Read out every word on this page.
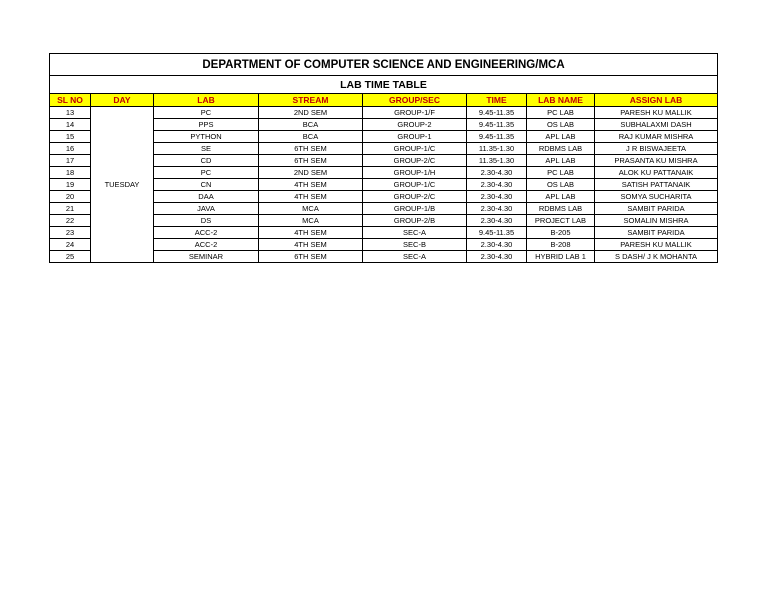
DEPARTMENT OF COMPUTER SCIENCE AND ENGINEERING/MCA							
LAB TIME TABLE							
SL NO	DAY	LAB	STREAM	GROUP/SEC	TIME	LAB NAME	ASSIGN LAB
13	TUESDAY	PC	2ND SEM	GROUP-1/F	9.45-11.35	PC LAB	PARESH KU MALLIK
14		PPS	BCA	GROUP-2	9.45-11.35	OS LAB	SUBHALAXMI DASH
15		PYTHON	BCA	GROUP-1	9.45-11.35	APL LAB	RAJ KUMAR MISHRA
16		SE	6TH SEM	GROUP-1/C	11.35-1.30	RDBMS LAB	J R BISWAJEETA
17		CD	6TH SEM	GROUP-2/C	11.35-1.30	APL LAB	PRASANTA KU MISHRA
18		PC	2ND SEM	GROUP-1/H	2.30-4.30	PC LAB	ALOK KU PATTANAIK
19		CN	4TH SEM	GROUP-1/C	2.30-4.30	OS LAB	SATISH PATTANAIK
20		DAA	4TH SEM	GROUP-2/C	2.30-4.30	APL LAB	SOMYA SUCHARITA
21		JAVA	MCA	GROUP-1/B	2.30-4.30	RDBMS LAB	SAMBIT PARIDA
22		DS	MCA	GROUP-2/B	2.30-4.30	PROJECT LAB	SOMALIN MISHRA
23		ACC-2	4TH SEM	SEC-A	9.45-11.35	B-205	SAMBIT PARIDA
24		ACC-2	4TH SEM	SEC-B	2.30-4.30	B-208	PARESH KU MALLIK
25		SEMINAR	6TH SEM	SEC-A	2.30-4.30	HYBRID LAB 1	S DASH/ J K MOHANTA
